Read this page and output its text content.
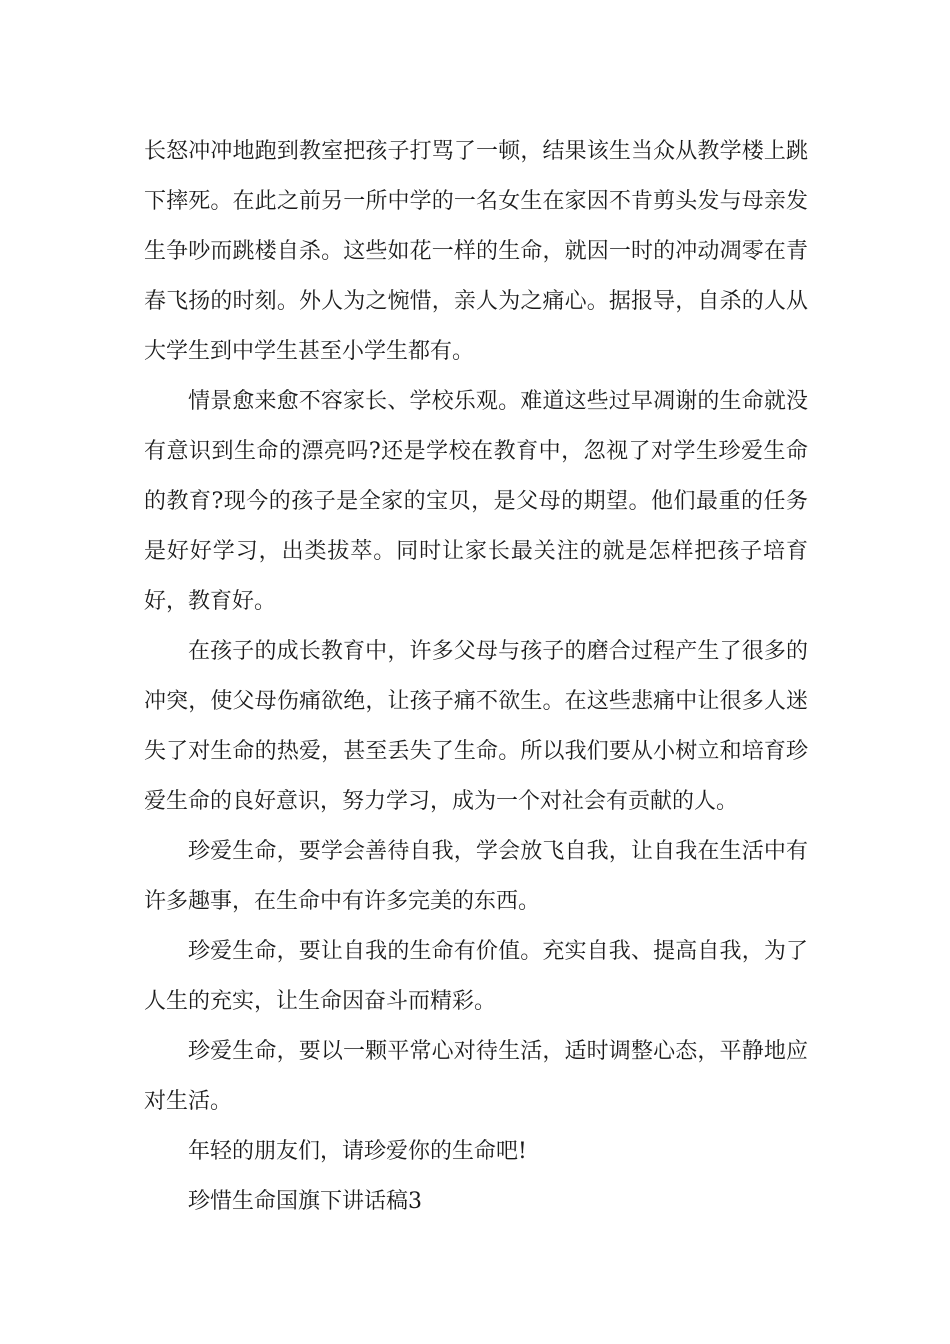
长怒冲冲地跑到教室把孩子打骂了一顿，结果该生当众从教学楼上跳下摔死。在此之前另一所中学的一名女生在家因不肯剪头发与母亲发生争吵而跳楼自杀。这些如花一样的生命，就因一时的冲动凋零在青春飞扬的时刻。外人为之惋惜，亲人为之痛心。据报导，自杀的人从大学生到中学生甚至小学生都有。

情景愈来愈不容家长、学校乐观。难道这些过早凋谢的生命就没有意识到生命的漂亮吗?还是学校在教育中，忽视了对学生珍爱生命的教育?现今的孩子是全家的宝贝，是父母的期望。他们最重的任务是好好学习，出类拔萃。同时让家长最关注的就是怎样把孩子培育好，教育好。

在孩子的成长教育中，许多父母与孩子的磨合过程产生了很多的冲突，使父母伤痛欲绝，让孩子痛不欲生。在这些悲痛中让很多人迷失了对生命的热爱，甚至丢失了生命。所以我们要从小树立和培育珍爱生命的良好意识，努力学习，成为一个对社会有贡献的人。

珍爱生命，要学会善待自我，学会放飞自我，让自我在生活中有许多趣事，在生命中有许多完美的东西。

珍爱生命，要让自我的生命有价值。充实自我、提高自我，为了人生的充实，让生命因奋斗而精彩。

珍爱生命，要以一颗平常心对待生活，适时调整心态，平静地应对生活。

年轻的朋友们，请珍爱你的生命吧!

珍惜生命国旗下讲话稿3
